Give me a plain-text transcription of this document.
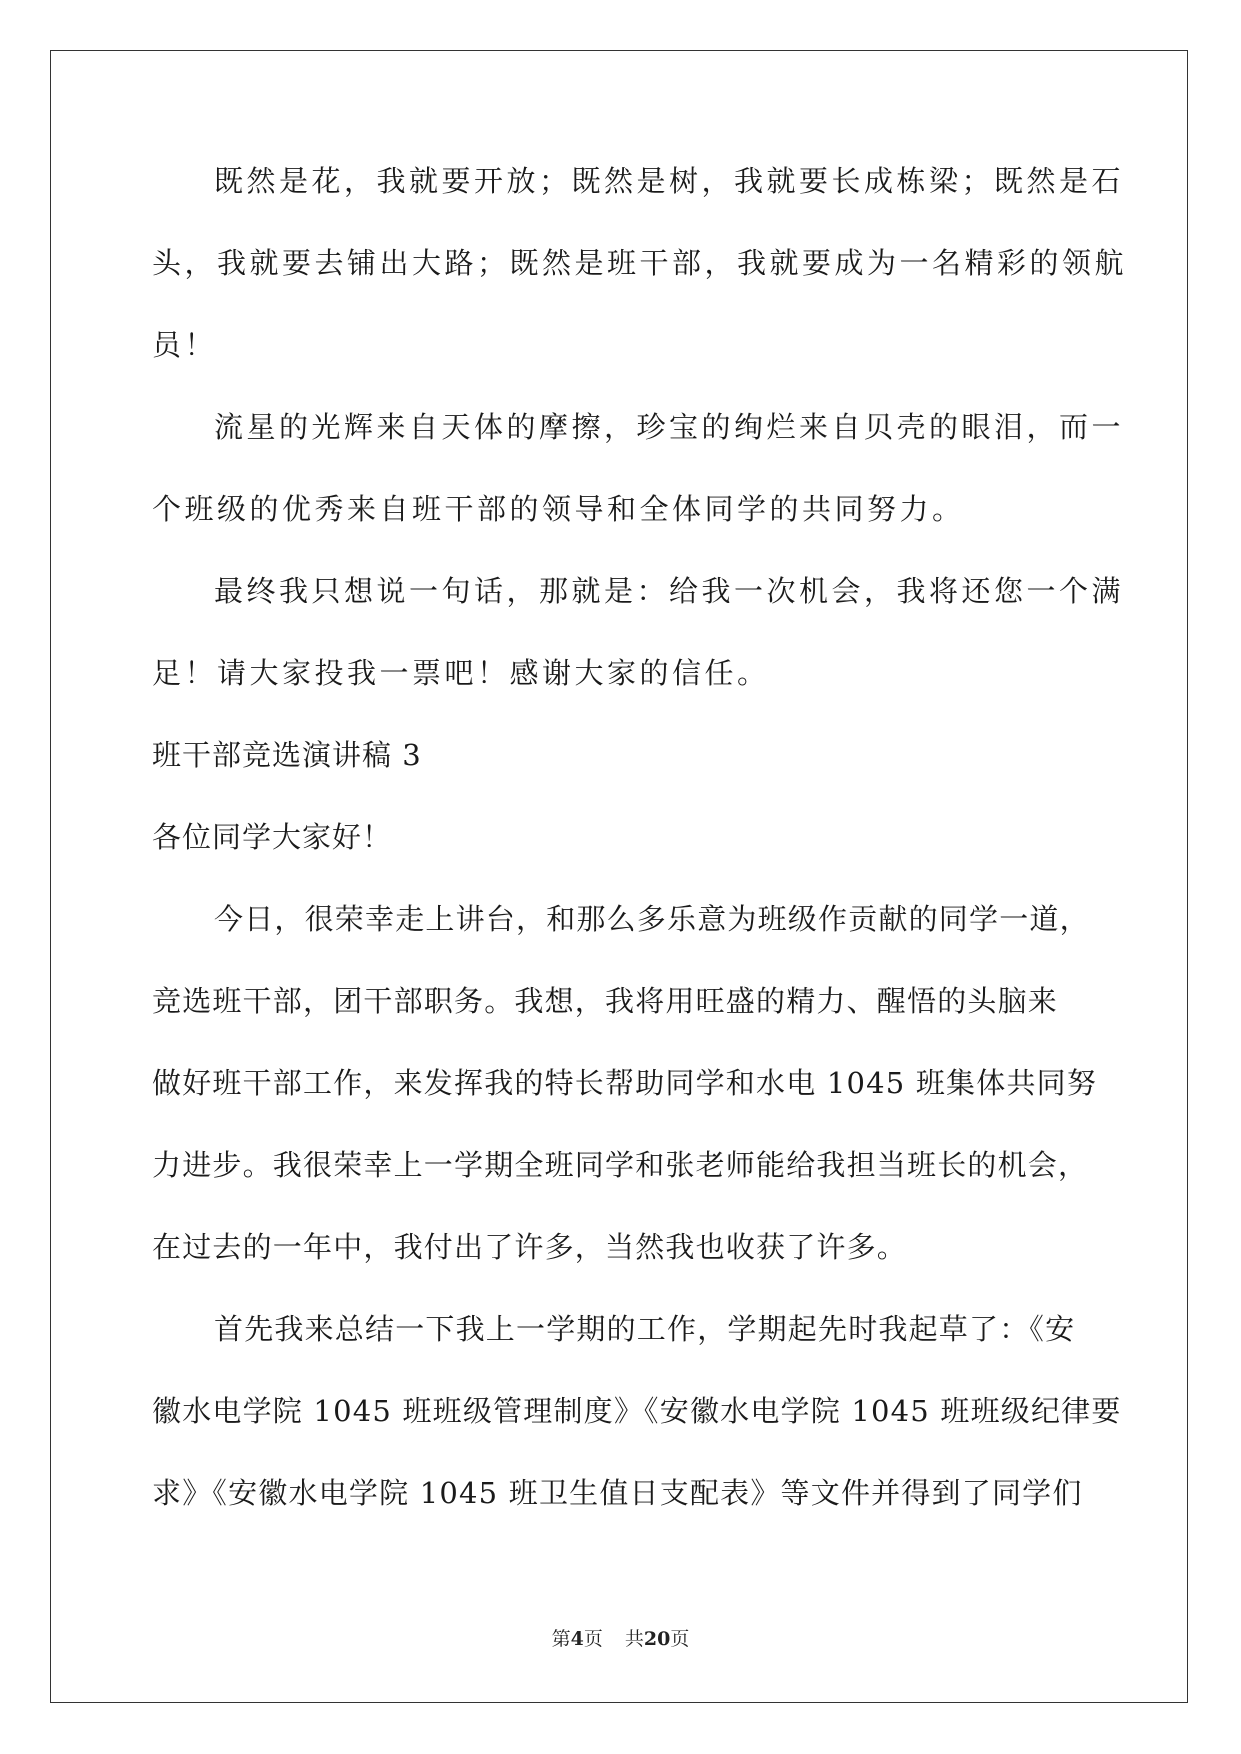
既然是花，我就要开放；既然是树，我就要长成栋梁；既然是石
头，我就要去铺出大路；既然是班干部，我就要成为一名精彩的领航
员！
流星的光辉来自天体的摩擦，珍宝的绚烂来自贝壳的眼泪，而一
个班级的优秀来自班干部的领导和全体同学的共同努力。
最终我只想说一句话，那就是：给我一次机会，我将还您一个满
足！请大家投我一票吧！感谢大家的信任。
班干部竞选演讲稿 3
各位同学大家好！
今日，很荣幸走上讲台，和那么多乐意为班级作贡献的同学一道，
竞选班干部，团干部职务。我想，我将用旺盛的精力、醒悟的头脑来
做好班干部工作，来发挥我的特长帮助同学和水电 1045 班集体共同努
力进步。我很荣幸上一学期全班同学和张老师能给我担当班长的机会，
在过去的一年中，我付出了许多，当然我也收获了许多。
首先我来总结一下我上一学期的工作，学期起先时我起草了：《安
徽水电学院 1045 班班级管理制度》《安徽水电学院 1045 班班级纪律要
求》《安徽水电学院 1045 班卫生值日支配表》等文件并得到了同学们
第4页 共20页
